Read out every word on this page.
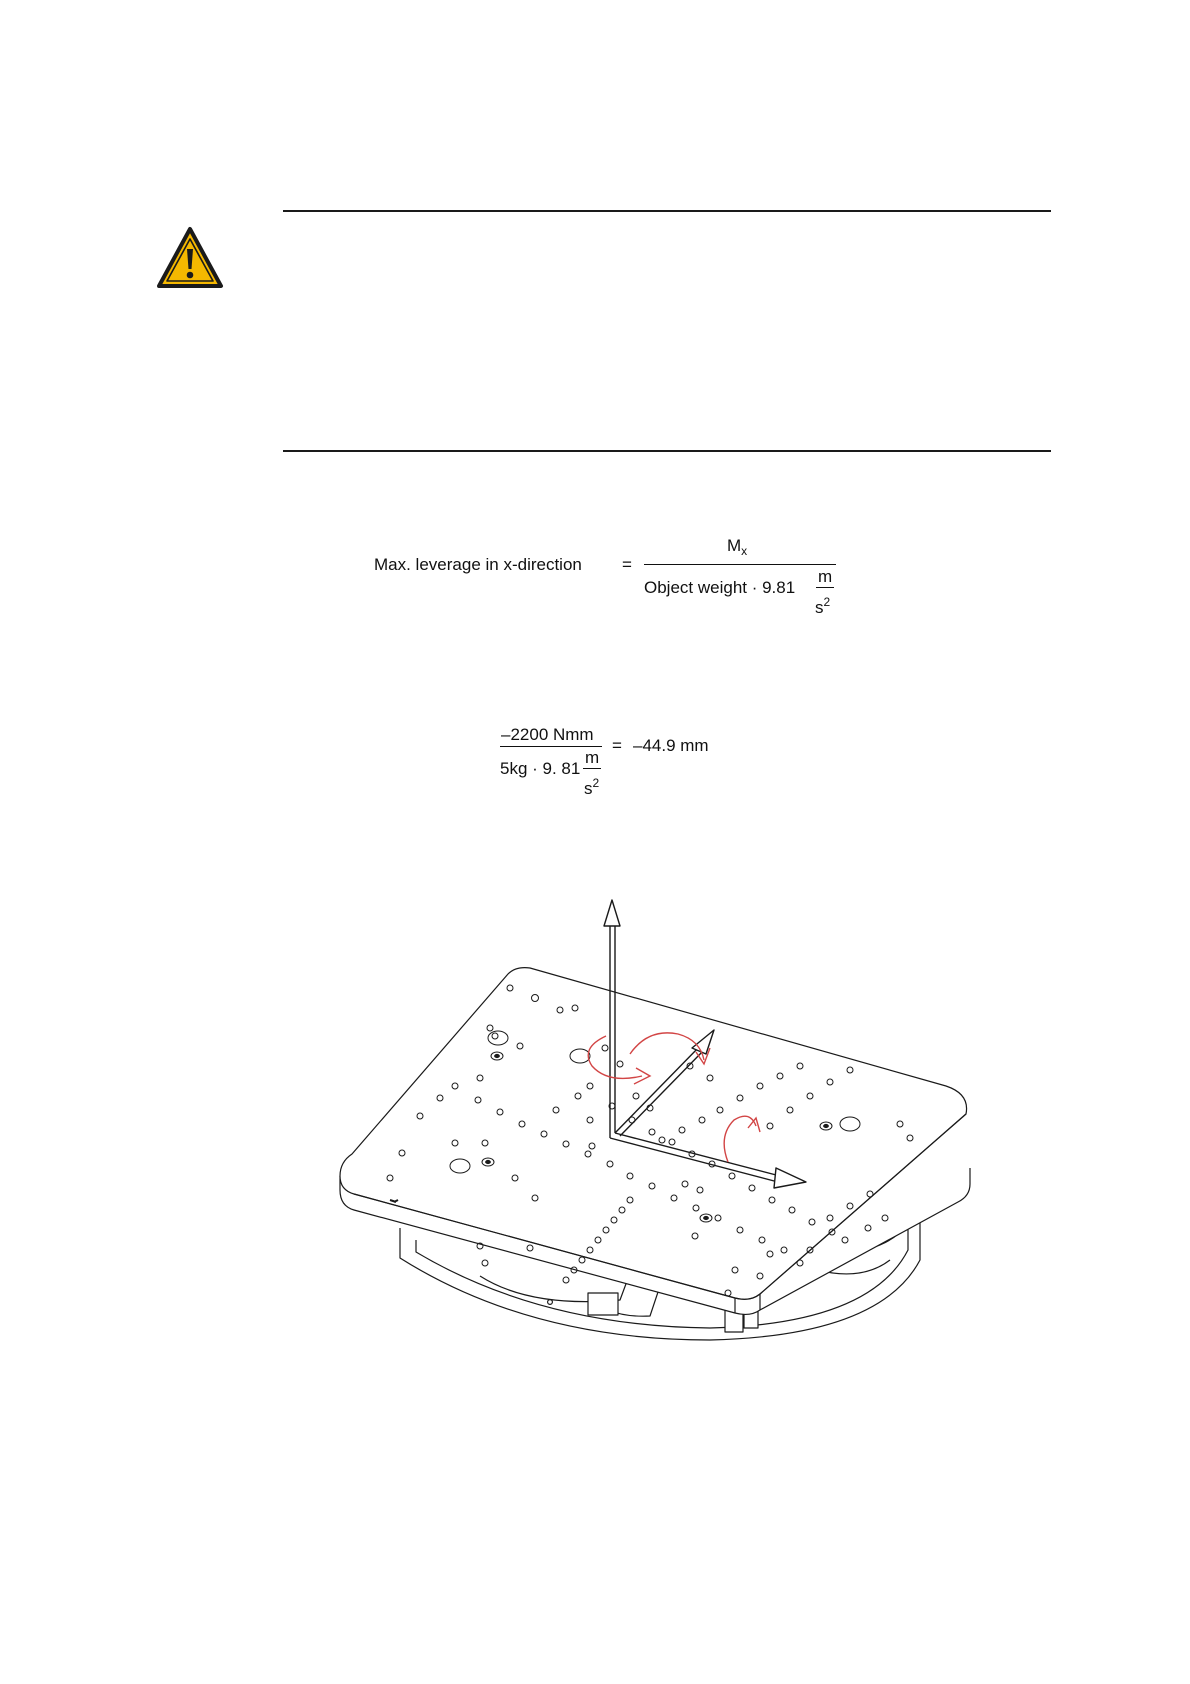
Max. leverage in x-direction =
$M_x$
Object weight · 9.81
m
$s^2$
–2200 Nmm
5kg · 9. 81
m
$s^2$
= –44.9 mm
